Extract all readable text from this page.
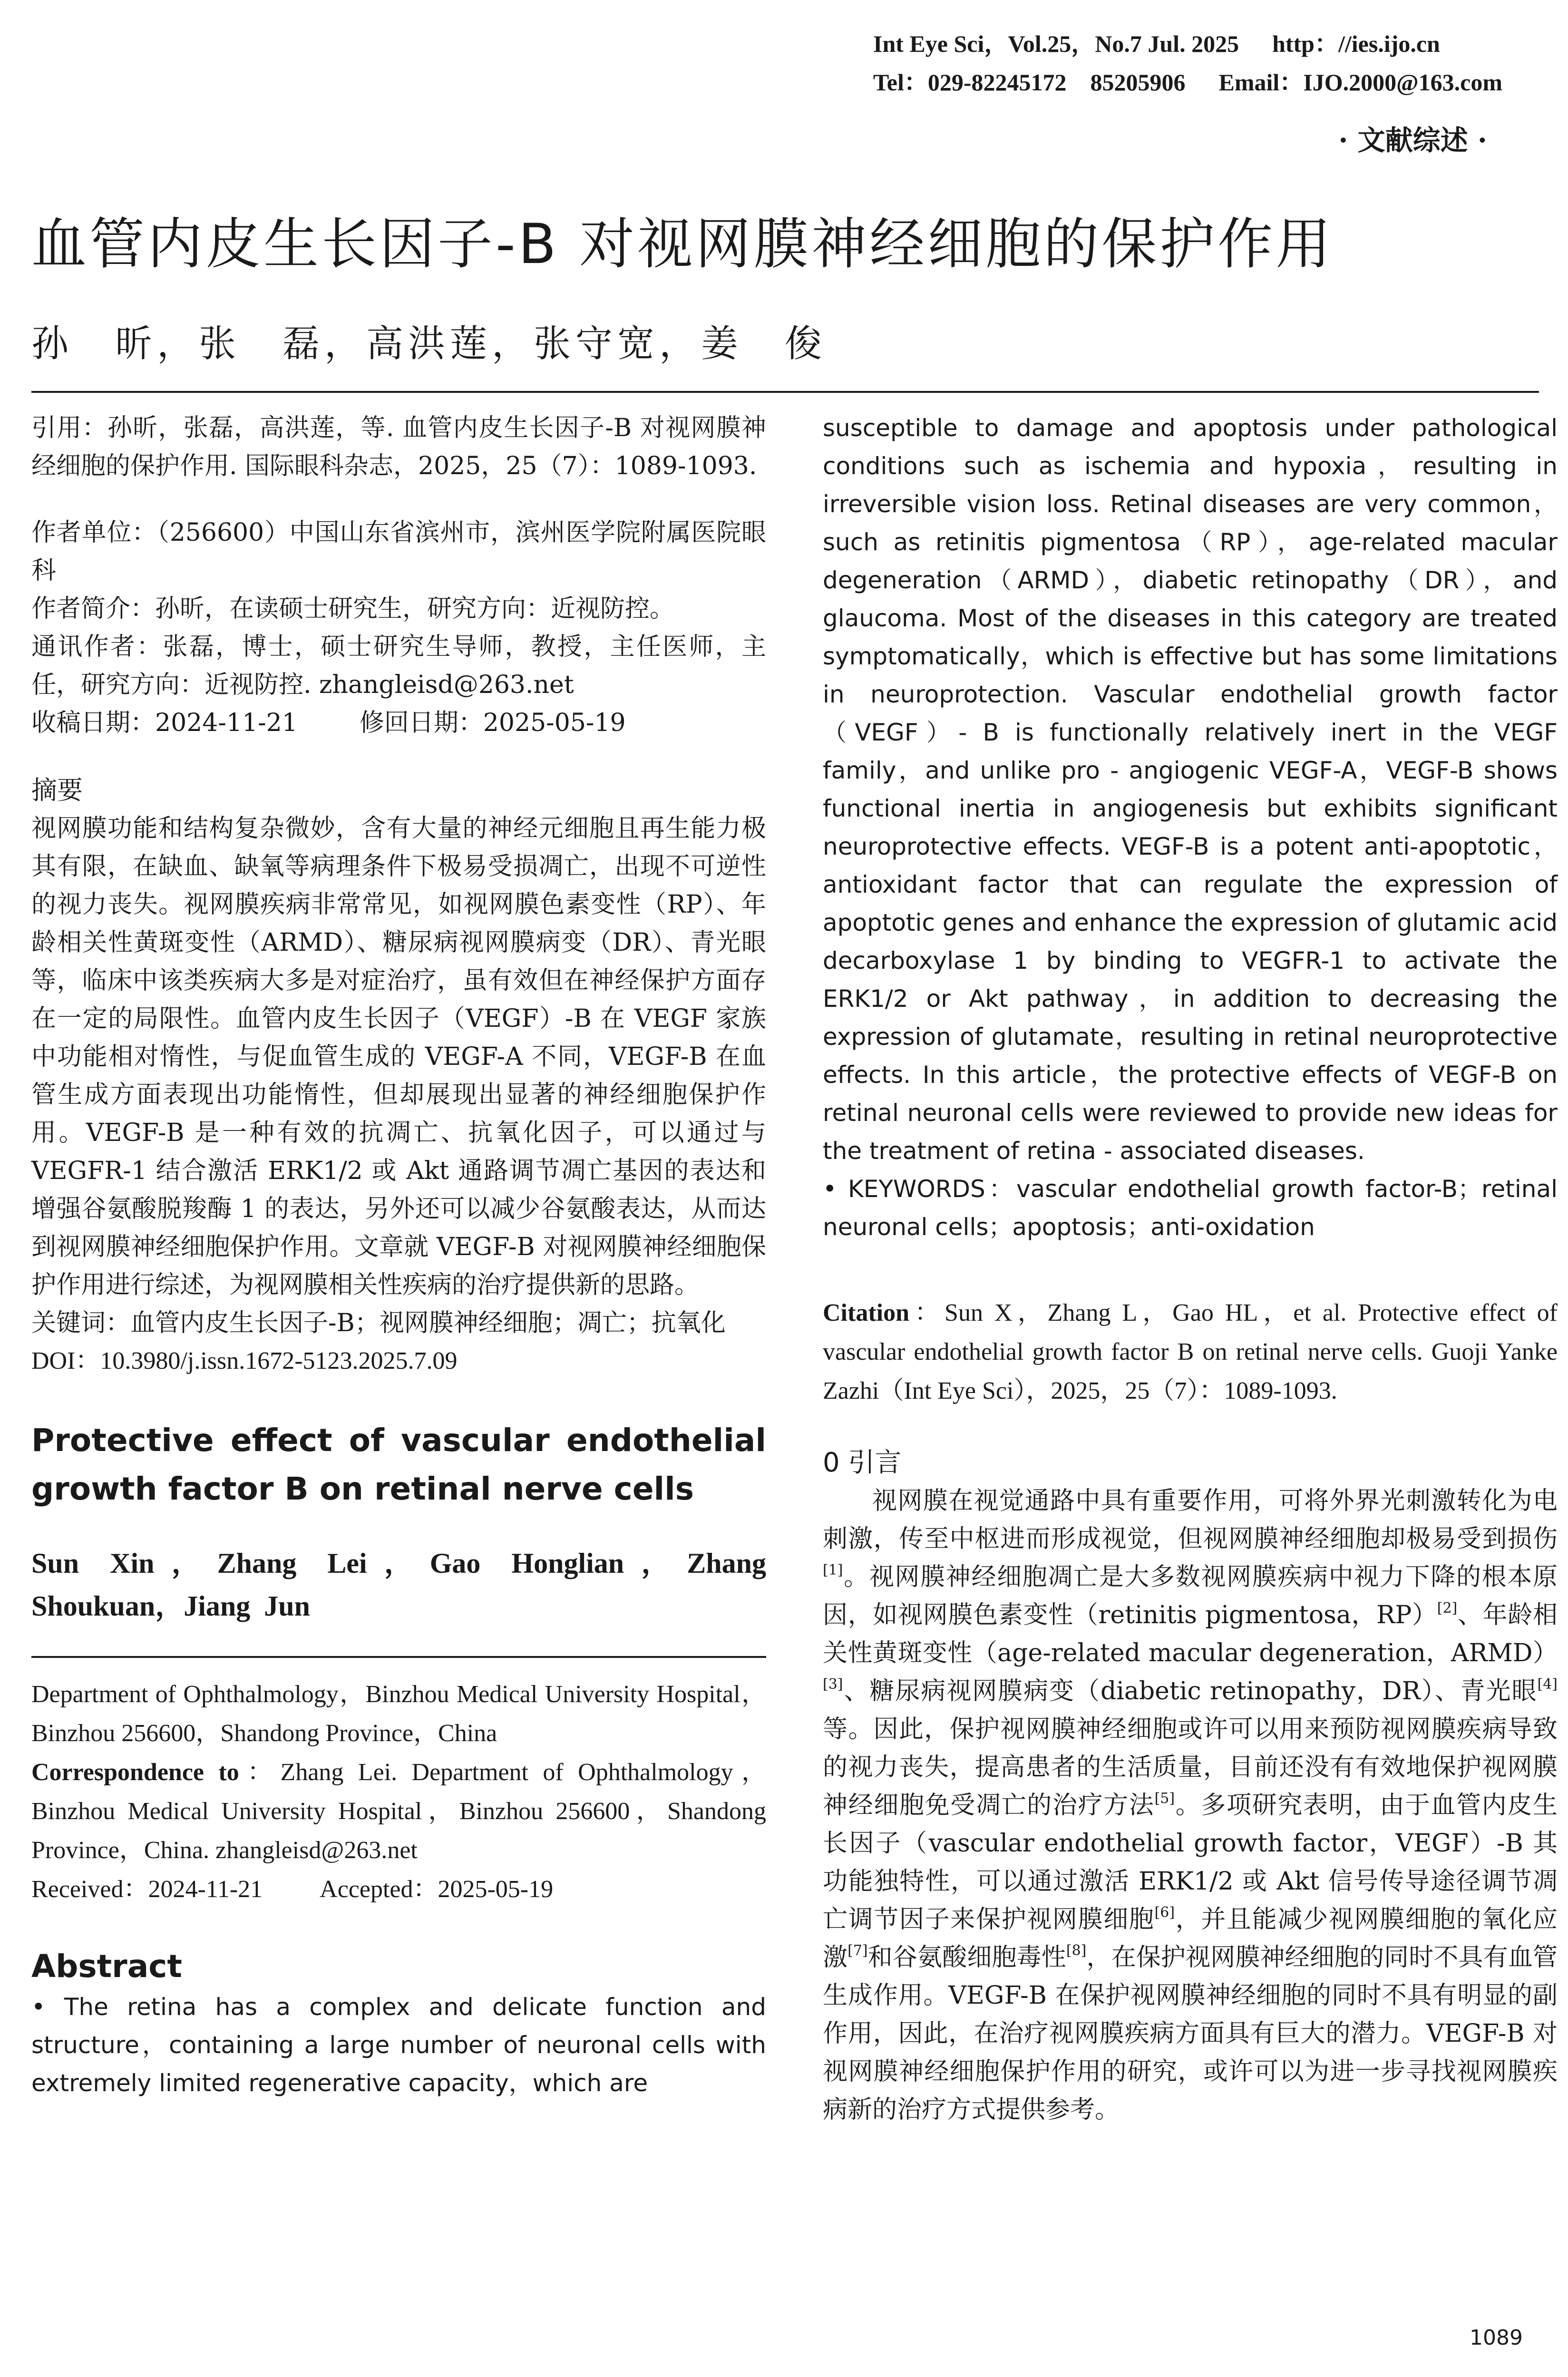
Int Eye Sci，Vol.25，No.7 Jul. 2025 http：//ies.ijo.cn
Tel：029-82245172　85205906 Email：IJO.2000@163.com
· 文献综述 ·
血管内皮生长因子-B 对视网膜神经细胞的保护作用
孙　昕，张　磊，高洪莲，张守宽，姜　俊

引用：孙昕，张磊，高洪莲，等. 血管内皮生长因子-B 对视网膜神经细胞的保护作用. 国际眼科杂志，2025，25（7）：1089-1093.

作者单位：（256600）中国山东省滨州市，滨州医学院附属医院眼科

作者简介：孙昕，在读硕士研究生，研究方向：近视防控。

通讯作者：张磊，博士，硕士研究生导师，教授，主任医师，主任，研究方向：近视防控. zhangleisd@263.net

收稿日期：2024-11-21	修回日期：2025-05-19

摘要

视网膜功能和结构复杂微妙，含有大量的神经元细胞且再生能力极其有限，在缺血、缺氧等病理条件下极易受损凋亡，出现不可逆性的视力丧失。视网膜疾病非常常见，如视网膜色素变性（RP）、年龄相关性黄斑变性（ARMD）、糖尿病视网膜病变（DR）、青光眼等，临床中该类疾病大多是对症治疗，虽有效但在神经保护方面存在一定的局限性。血管内皮生长因子（VEGF）-B 在 VEGF 家族中功能相对惰性，与促血管生成的 VEGF-A 不同，VEGF-B 在血管生成方面表现出功能惰性，但却展现出显著的神经细胞保护作用。VEGF-B 是一种有效的抗凋亡、抗氧化因子，可以通过与 VEGFR-1 结合激活 ERK1/2 或 Akt 通路调节凋亡基因的表达和增强谷氨酸脱羧酶 1 的表达，另外还可以减少谷氨酸表达，从而达到视网膜神经细胞保护作用。文章就 VEGF-B 对视网膜神经细胞保护作用进行综述，为视网膜相关性疾病的治疗提供新的思路。

关键词：血管内皮生长因子-B；视网膜神经细胞；凋亡；抗氧化

DOI：10.3980/j.issn.1672-5123.2025.7.09

Protective effect of vascular endothelial growth factor B on retinal nerve cells
Sun Xin，Zhang Lei，Gao Honglian，Zhang Shoukuan，Jiang Jun

Department of Ophthalmology，Binzhou Medical University Hospital，Binzhou 256600，Shandong Province，China

Correspondence to：Zhang Lei. Department of Ophthalmology，Binzhou Medical University Hospital，Binzhou 256600，Shandong Province，China. zhangleisd@263.net

Received：2024-11-21 Accepted：2025-05-19

Abstract

• The retina has a complex and delicate function and structure，containing a large number of neuronal cells with extremely limited regenerative capacity，which are

susceptible to damage and apoptosis under pathological conditions such as ischemia and hypoxia，resulting in irreversible vision loss. Retinal diseases are very common，such as retinitis pigmentosa（RP），age-related macular degeneration（ARMD），diabetic retinopathy（DR），and glaucoma. Most of the diseases in this category are treated symptomatically，which is effective but has some limitations in neuroprotection. Vascular endothelial growth factor（VEGF）- B is functionally relatively inert in the VEGF family，and unlike pro - angiogenic VEGF-A，VEGF-B shows functional inertia in angiogenesis but exhibits significant neuroprotective effects. VEGF-B is a potent anti-apoptotic，antioxidant factor that can regulate the expression of apoptotic genes and enhance the expression of glutamic acid decarboxylase 1 by binding to VEGFR-1 to activate the ERK1/2 or Akt pathway，in addition to decreasing the expression of glutamate，resulting in retinal neuroprotective effects. In this article，the protective effects of VEGF-B on retinal neuronal cells were reviewed to provide new ideas for the treatment of retina - associated diseases.

• KEYWORDS：vascular endothelial growth factor-B；retinal neuronal cells；apoptosis；anti-oxidation

Citation：Sun X，Zhang L，Gao HL，et al. Protective effect of vascular endothelial growth factor B on retinal nerve cells. Guoji Yanke Zazhi（Int Eye Sci），2025，25（7）：1089-1093.

0 引言

视网膜在视觉通路中具有重要作用，可将外界光刺激转化为电刺激，传至中枢进而形成视觉，但视网膜神经细胞却极易受到损伤[1]。视网膜神经细胞凋亡是大多数视网膜疾病中视力下降的根本原因，如视网膜色素变性（retinitis pigmentosa，RP）[2]、年龄相关性黄斑变性（age-related macular degeneration，ARMD）[3]、糖尿病视网膜病变（diabetic retinopathy，DR）、青光眼[4]等。因此，保护视网膜神经细胞或许可以用来预防视网膜疾病导致的视力丧失，提高患者的生活质量，目前还没有有效地保护视网膜神经细胞免受凋亡的治疗方法[5]。多项研究表明，由于血管内皮生长因子（vascular endothelial growth factor，VEGF）-B 其功能独特性，可以通过激活 ERK1/2 或 Akt 信号传导途径调节凋亡调节因子来保护视网膜细胞[6]，并且能减少视网膜细胞的氧化应激[7]和谷氨酸细胞毒性[8]，在保护视网膜神经细胞的同时不具有血管生成作用。VEGF-B 在保护视网膜神经细胞的同时不具有明显的副作用，因此，在治疗视网膜疾病方面具有巨大的潜力。VEGF-B 对视网膜神经细胞保护作用的研究，或许可以为进一步寻找视网膜疾病新的治疗方式提供参考。

1089
